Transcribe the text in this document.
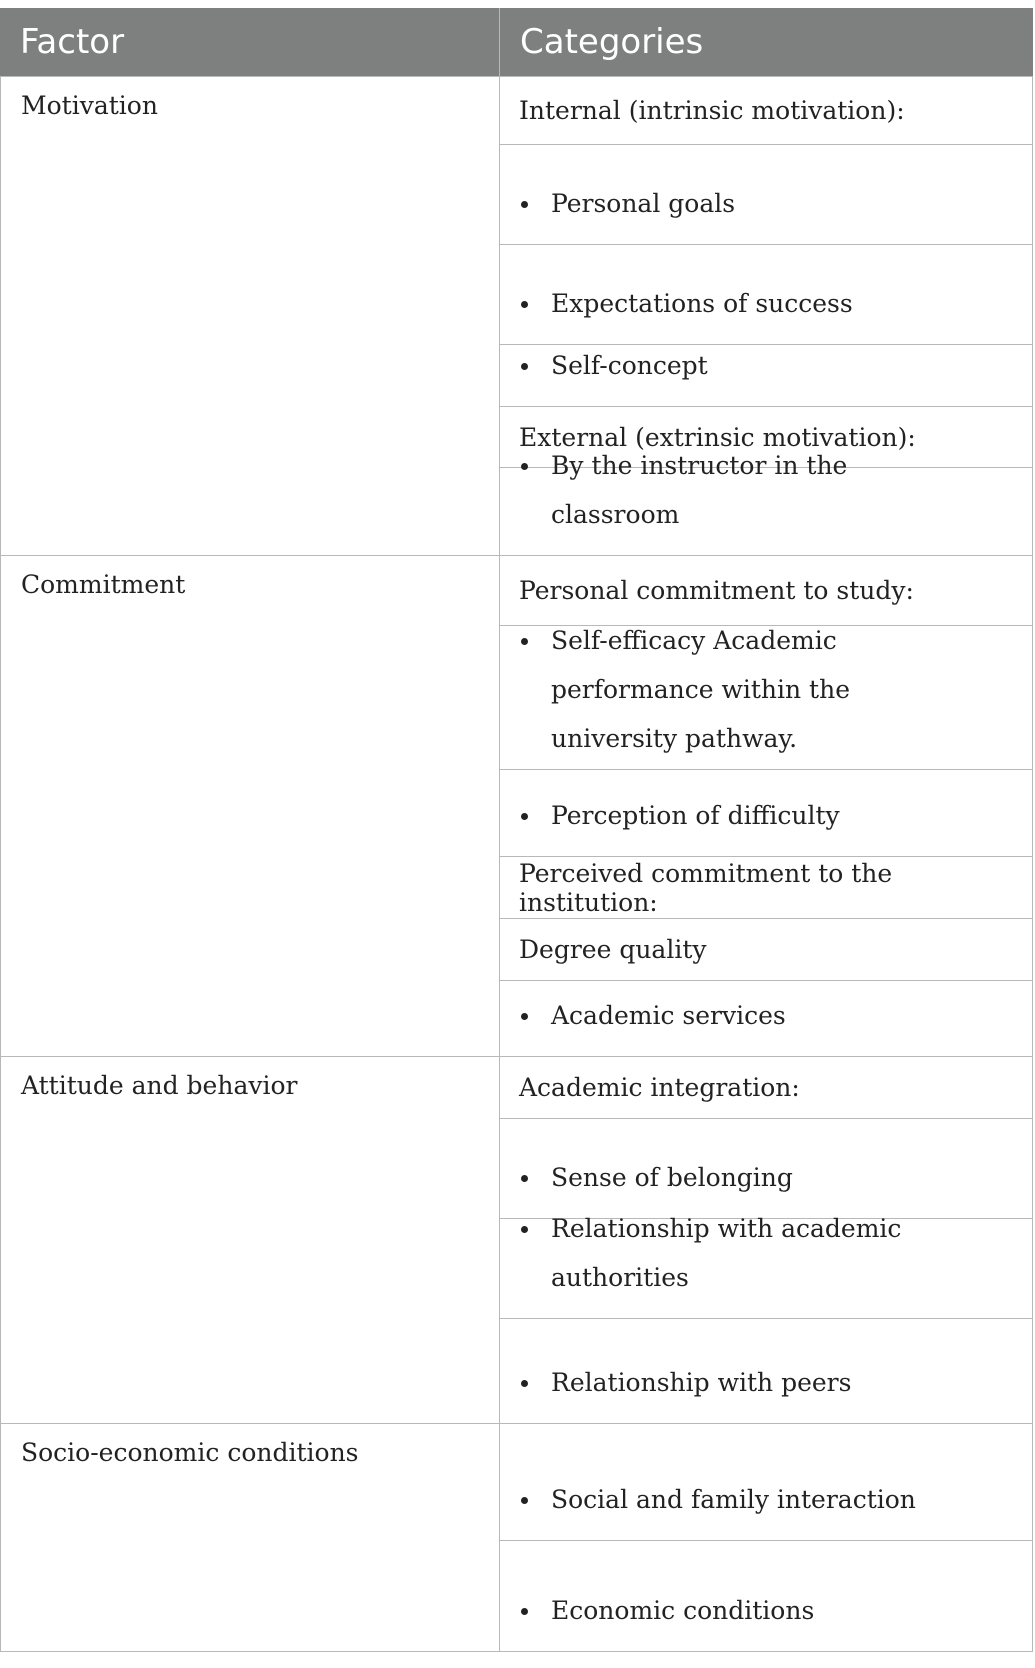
Factor	Categories
Motivation
Commitment
Attitude and behavior
Socio-economic conditions
Internal (intrinsic motivation):
Personal goals
Expectations of success
Self-concept
External (extrinsic motivation):
By the instructor in the classroom
Personal commitment to study:
Self-efficacy Academic performance within the university pathway.
Perception of difficulty
Perceived commitment to the institution:
Degree quality
Academic services
Academic integration:
Sense of belonging
Relationship with academic authorities
Relationship with peers
Social and family interaction
Economic conditions
